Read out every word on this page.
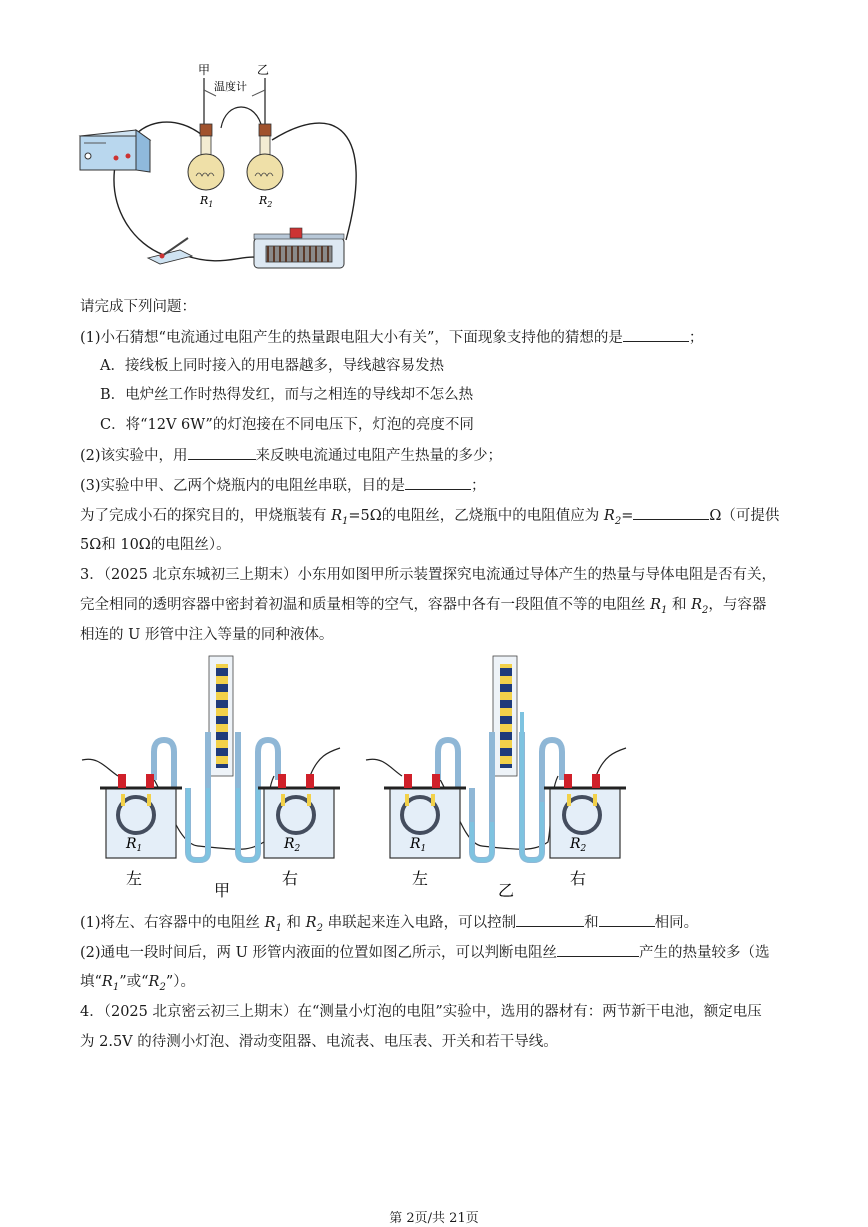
甲	乙
温度计
$R_1$	$R_2$
请完成下列问题：
(1)小石猜想“电流通过电阻产生的热量跟电阻大小有关”，下面现象支持他的猜想的是	；
A．接线板上同时接入的用电器越多，导线越容易发热
B．电炉丝工作时热得发红，而与之相连的导线却不怎么热
C．将“12V 6W”的灯泡接在不同电压下，灯泡的亮度不同
(2)该实验中，用	来反映电流通过电阻产生热量的多少；
(3)实验中甲、乙两个烧瓶内的电阻丝串联，目的是	；
为了完成小石的探究目的，甲烧瓶装有 $R_1=5\Omega$的电阻丝，乙烧瓶中的电阻值应为 $R_2=$	Ω（可提供
5Ω和 10Ω的电阻丝）。
3．（2025 北京东城初三上期末）小东用如图甲所示装置探究电流通过导体产生的热量与导体电阻是否有关，
完全相同的透明容器中密封着初温和质量相等的空气，容器中各有一段阻值不等的电阻丝 $R_1$ 和 $R_2$，与容器
相连的 U 形管中注入等量的同种液体。
$R_1$	$R_2$	$R_1$	$R_2$
左	右
甲
左	右
乙
(1)将左、右容器中的电阻丝 $R_1$ 和 $R_2$ 串联起来连入电路，可以控制	和	相同。
(2)通电一段时间后，两 U 形管内液面的位置如图乙所示，可以判断电阻丝	产生的热量较多（选
填“$R_1$”或“$R_2$”）。
4．（2025 北京密云初三上期末）在“测量小灯泡的电阻”实验中，选用的器材有：两节新干电池，额定电压
为 2.5V 的待测小灯泡、滑动变阻器、电流表、电压表、开关和若干导线。
第 2页/共 21页
